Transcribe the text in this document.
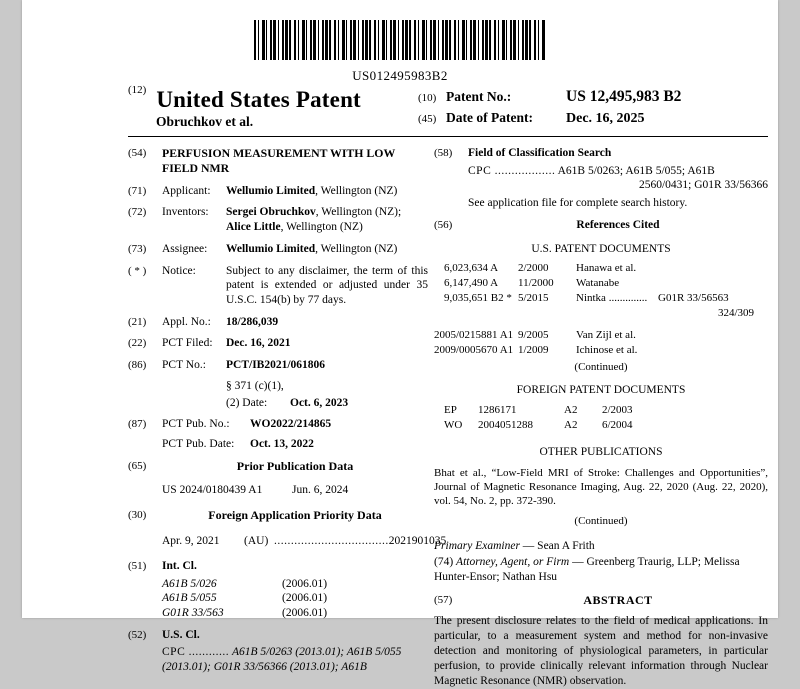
US012495983B2
(12) United States Patent
Obruchkov et al.
(10) Patent No.:	US 12,495,983 B2
(45) Date of Patent:	Dec. 16, 2025
(54)	PERFUSION MEASUREMENT WITH LOW FIELD NMR
(71)	Applicant:	Wellumio Limited, Wellington (NZ)
(72)	Inventors:	Sergei Obruchkov, Wellington (NZ);
Alice Little, Wellington (NZ)
(73)	Assignee:	Wellumio Limited, Wellington (NZ)
( * )	Notice:	Subject to any disclaimer, the term of this patent is extended or adjusted under 35 U.S.C. 154(b) by 77 days.
(21)	Appl. No.:	18/286,039
(22)	PCT Filed:	Dec. 16, 2021
(86)	PCT No.:	PCT/IB2021/061806
§ 371 (c)(1),
(2) Date:	Oct. 6, 2023
(87)	PCT Pub. No.:	WO2022/214865
PCT Pub. Date:	Oct. 13, 2022
(65)	Prior Publication Data
US 2024/0180439 A1	Jun. 6, 2024
(30)	Foreign Application Priority Data
Apr. 9, 2021	(AU) .................................. 2021901035
(51)	Int. Cl.
A61B 5/026	(2006.01)
A61B 5/055	(2006.01)
G01R 33/563	(2006.01)
(52)	U.S. Cl.
CPC ............ A61B 5/0263 (2013.01); A61B 5/055
(2013.01); G01R 33/56366 (2013.01); A61B
(58)	Field of Classification Search
CPC .................. A61B 5/0263; A61B 5/055; A61B
2560/0431; G01R 33/56366
See application file for complete search history.
(56)	References Cited
U.S. PATENT DOCUMENTS
6,023,634 A	2/2000	Hanawa et al.
6,147,490 A	11/2000	Watanabe
9,035,651 B2 * 5/2015	Nintka .............. G01R 33/56563
324/309
2005/0215881 A1 9/2005	Van Zijl et al.
2009/0005670 A1 1/2009	Ichinose et al.
(Continued)
FOREIGN PATENT DOCUMENTS
EP	1286171	A2	2/2003
WO	2004051288	A2	6/2004
OTHER PUBLICATIONS
Bhat et al., “Low-Field MRI of Stroke: Challenges and Opportunities”, Journal of Magnetic Resonance Imaging, Aug. 22, 2020 (Aug. 22, 2020), vol. 54, No. 2, pp. 372-390.
(Continued)
Primary Examiner — Sean A Frith
(74) Attorney, Agent, or Firm — Greenberg Traurig, LLP; Melissa Hunter-Ensor; Nathan Hsu
(57)	ABSTRACT
The present disclosure relates to the field of medical applications. In particular, to a measurement system and method for non-invasive detection and monitoring of physiological parameters, in particular perfusion, to provide clinically relevant information through Nuclear Magnetic Resonance (NMR) observation.
